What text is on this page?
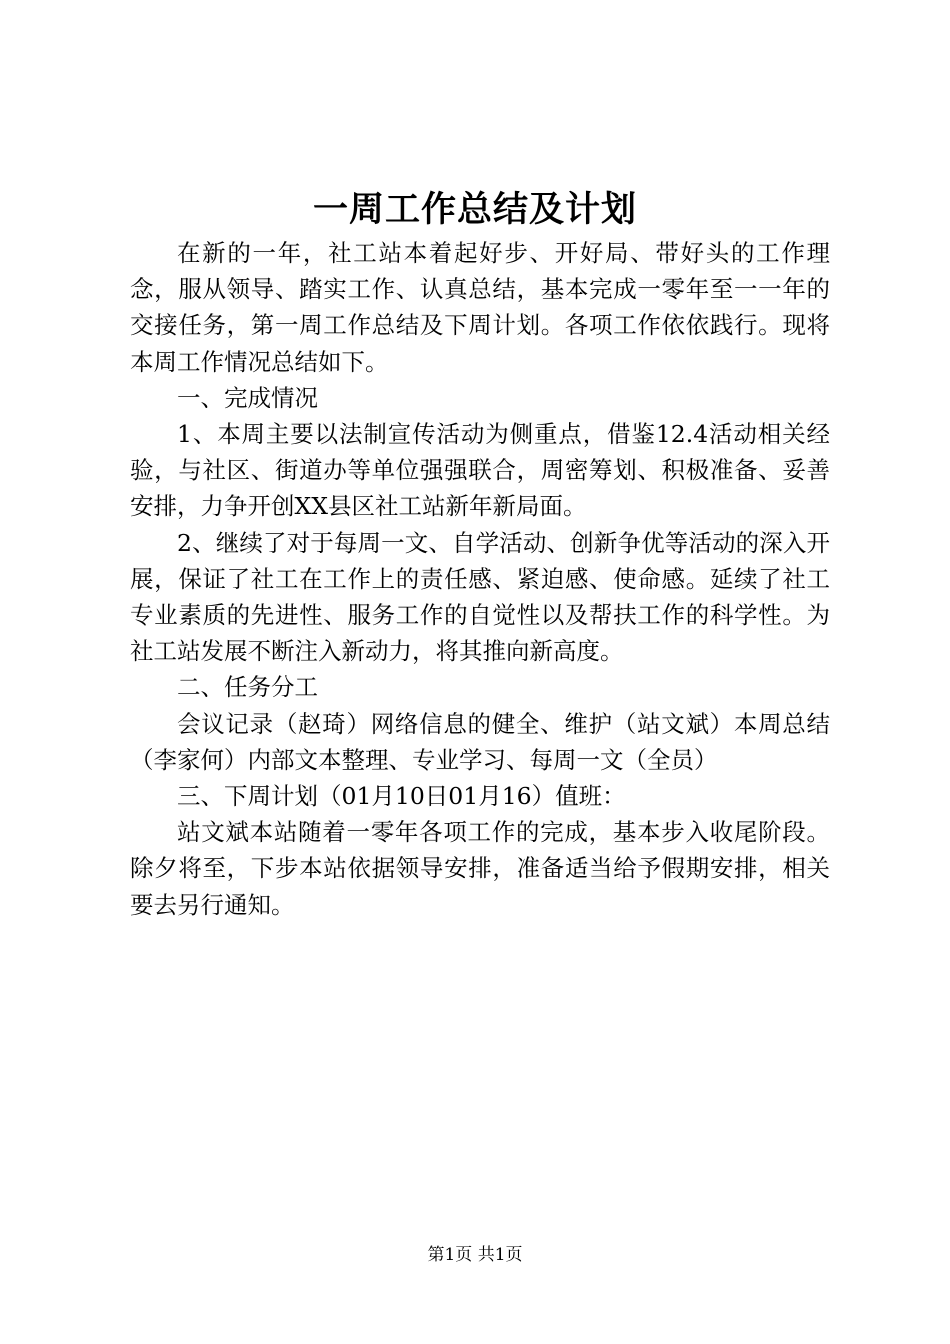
一周工作总结及计划

在新的一年，社工站本着起好步、开好局、带好头的工作理念，服从领导、踏实工作、认真总结，基本完成一零年至一一年的交接任务，第一周工作总结及下周计划。各项工作依依践行。现将本周工作情况总结如下。

一、完成情况

1、本周主要以法制宣传活动为侧重点，借鉴12.4活动相关经验，与社区、街道办等单位强强联合，周密筹划、积极准备、妥善安排，力争开创XX县区社工站新年新局面。

2、继续了对于每周一文、自学活动、创新争优等活动的深入开展，保证了社工在工作上的责任感、紧迫感、使命感。延续了社工专业素质的先进性、服务工作的自觉性以及帮扶工作的科学性。为社工站发展不断注入新动力，将其推向新高度。

二、任务分工

会议记录（赵琦）网络信息的健全、维护（站文斌）本周总结（李家何）内部文本整理、专业学习、每周一文（全员）

三、下周计划（01月10日01月16）值班：

站文斌本站随着一零年各项工作的完成，基本步入收尾阶段。除夕将至，下步本站依据领导安排，准备适当给予假期安排，相关要去另行通知。

第1页 共1页
